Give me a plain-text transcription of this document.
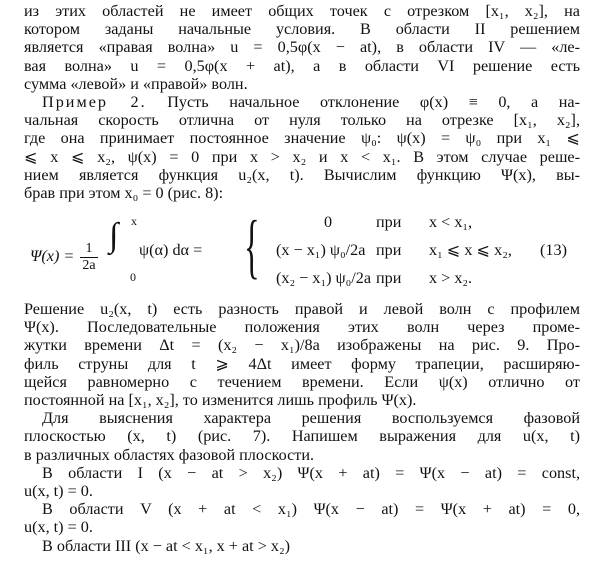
из этих областей не имеет общих точек с отрезком [x₁, x₂], на
котором заданы начальные условия. В области II решением
является «правая волна» u = 0,5φ(x − at), в области IV — «ле-
вая волна» u = 0,5φ(x + at), а в области VI решение есть
сумма «левой» и «правой» волн.
Пример 2. Пусть начальное отклонение φ(x) ≡ 0, а на-
чальная скорость отлична от нуля только на отрезке [x₁, x₂],
где она принимает постоянное значение ψ₀: ψ(x) = ψ₀ при x₁ ⩽
⩽ x ⩽ x₂, ψ(x) = 0 при x > x₂ и x < x₁. В этом случае реше-
нием является функция u₂(x, t). Вычислим функцию Ψ(x), вы-
брав при этом x₀ = 0 (рис. 8):
$\Psi(x) = \frac{1}{2a}$
∫ x
0
ψ(α) dα = {	0	при x < x₁,
(x − x₁) ψ₀/2a при x₁ ⩽ x ⩽ x₂,
(x₂ − x₁) ψ₀/2a при x > x₂.
(13)
Решение u₂(x, t) есть разность правой и левой волн с профилем
Ψ(x). Последовательные положения этих волн через проме-
жутки времени Δt = (x₂ − x₁)/8a изображены на рис. 9. Про-
филь струны для t ⩾ 4Δt имеет форму трапеции, расширяю-
щейся равномерно с течением времени. Если ψ(x) отлично от
постоянной на [x₁, x₂], то изменится лишь профиль Ψ(x).
Для выяснения характера решения воспользуемся фазовой
плоскостью (x, t) (рис. 7). Напишем выражения для u(x, t)
в различных областях фазовой плоскости.
В области I (x − at > x₂) Ψ(x + at) = Ψ(x − at) = const,
u(x, t) = 0.
В области V (x + at < x₁) Ψ(x − at) = Ψ(x + at) = 0,
u(x, t) = 0.
В области III (x − at < x₁, x + at > x₂)
